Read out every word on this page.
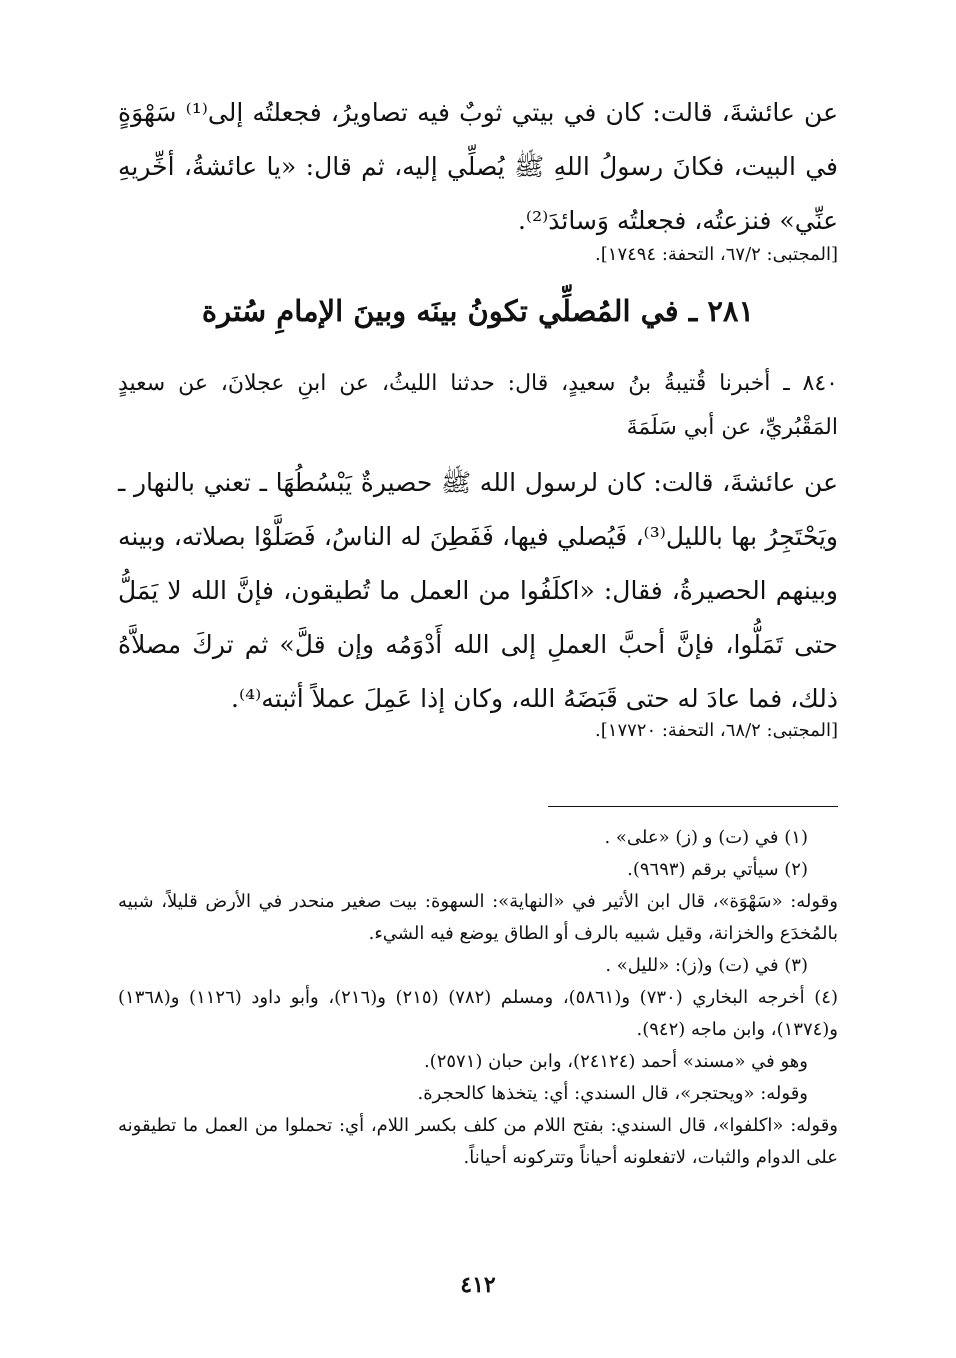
عن عائشةَ، قالت: كان في بيتي ثوبٌ فيه تصاويرُ، فجعلتُه إلى⁽¹⁾ سَهْوَةٍ في البيت، فكانَ رسولُ اللهِ ﷺ يُصلِّي إليه، ثم قال: «يا عائشةُ، أخِّريهِ عنِّي» فنزعتُه، فجعلتُه وَسائدَ⁽²⁾.
[المجتبى: ٦٧/٢، التحفة: ١٧٤٩٤].
٢٨١ ـ في المُصلِّي تكونُ بينَه وبينَ الإمامِ سُترة
٨٤٠ ـ أخبرنا قُتيبةُ بنُ سعيدٍ، قال: حدثنا الليثُ، عن ابنِ عجلانَ، عن سعيدٍ المَقْبُريِّ، عن أبي سَلَمَةَ
عن عائشةَ، قالت: كان لرسول الله ﷺ حصيرةٌ يَبْسُطُهَا ـ تعني بالنهار ـ ويَحْتَجِرُ بها بالليل⁽³⁾، فَيُصلي فيها، فَفَطِنَ له الناسُ، فَصَلَّوْا بصلاته، وبينه وبينهم الحصيرةُ، فقال: «اكلَفُوا من العمل ما تُطيقون، فإنَّ الله لا يَمَلُّ حتى تَمَلُّوا، فإنَّ أحبَّ العملِ إلى الله أَدْوَمُه وإن قلَّ» ثم تركَ مصلاَّهُ ذلك، فما عادَ له حتى قَبَضَهُ الله، وكان إذا عَمِلَ عملاً أثبته⁽⁴⁾.
[المجتبى: ٦٨/٢، التحفة: ١٧٧٢٠].

(١) في (ت) و (ز) «على» .

(٢) سيأتي برقم (٩٦٩٣).

وقوله: «سَهْوَة»، قال ابن الأثير في «النهاية»: السهوة: بيت صغير منحدر في الأرض قليلاً، شبيه بالمُخدَع والخزانة، وقيل شبيه بالرف أو الطاق يوضع فيه الشيء.

(٣) في (ت) و(ز): «لليل» .

(٤) أخرجه البخاري (٧٣٠) و(٥٨٦١)، ومسلم (٧٨٢) (٢١٥) و(٢١٦)، وأبو داود (١١٢٦) و(١٣٦٨) و(١٣٧٤)، وابن ماجه (٩٤٢).

وهو في «مسند» أحمد (٢٤١٢٤)، وابن حبان (٢٥٧١).

وقوله: «ويحتجر»، قال السندي: أي: يتخذها كالحجرة.

وقوله: «اكلفوا»، قال السندي: بفتح اللام من كلف بكسر اللام، أي: تحملوا من العمل ما تطيقونه على الدوام والثبات، لاتفعلونه أحياناً وتتركونه أحياناً.

٤١٢
